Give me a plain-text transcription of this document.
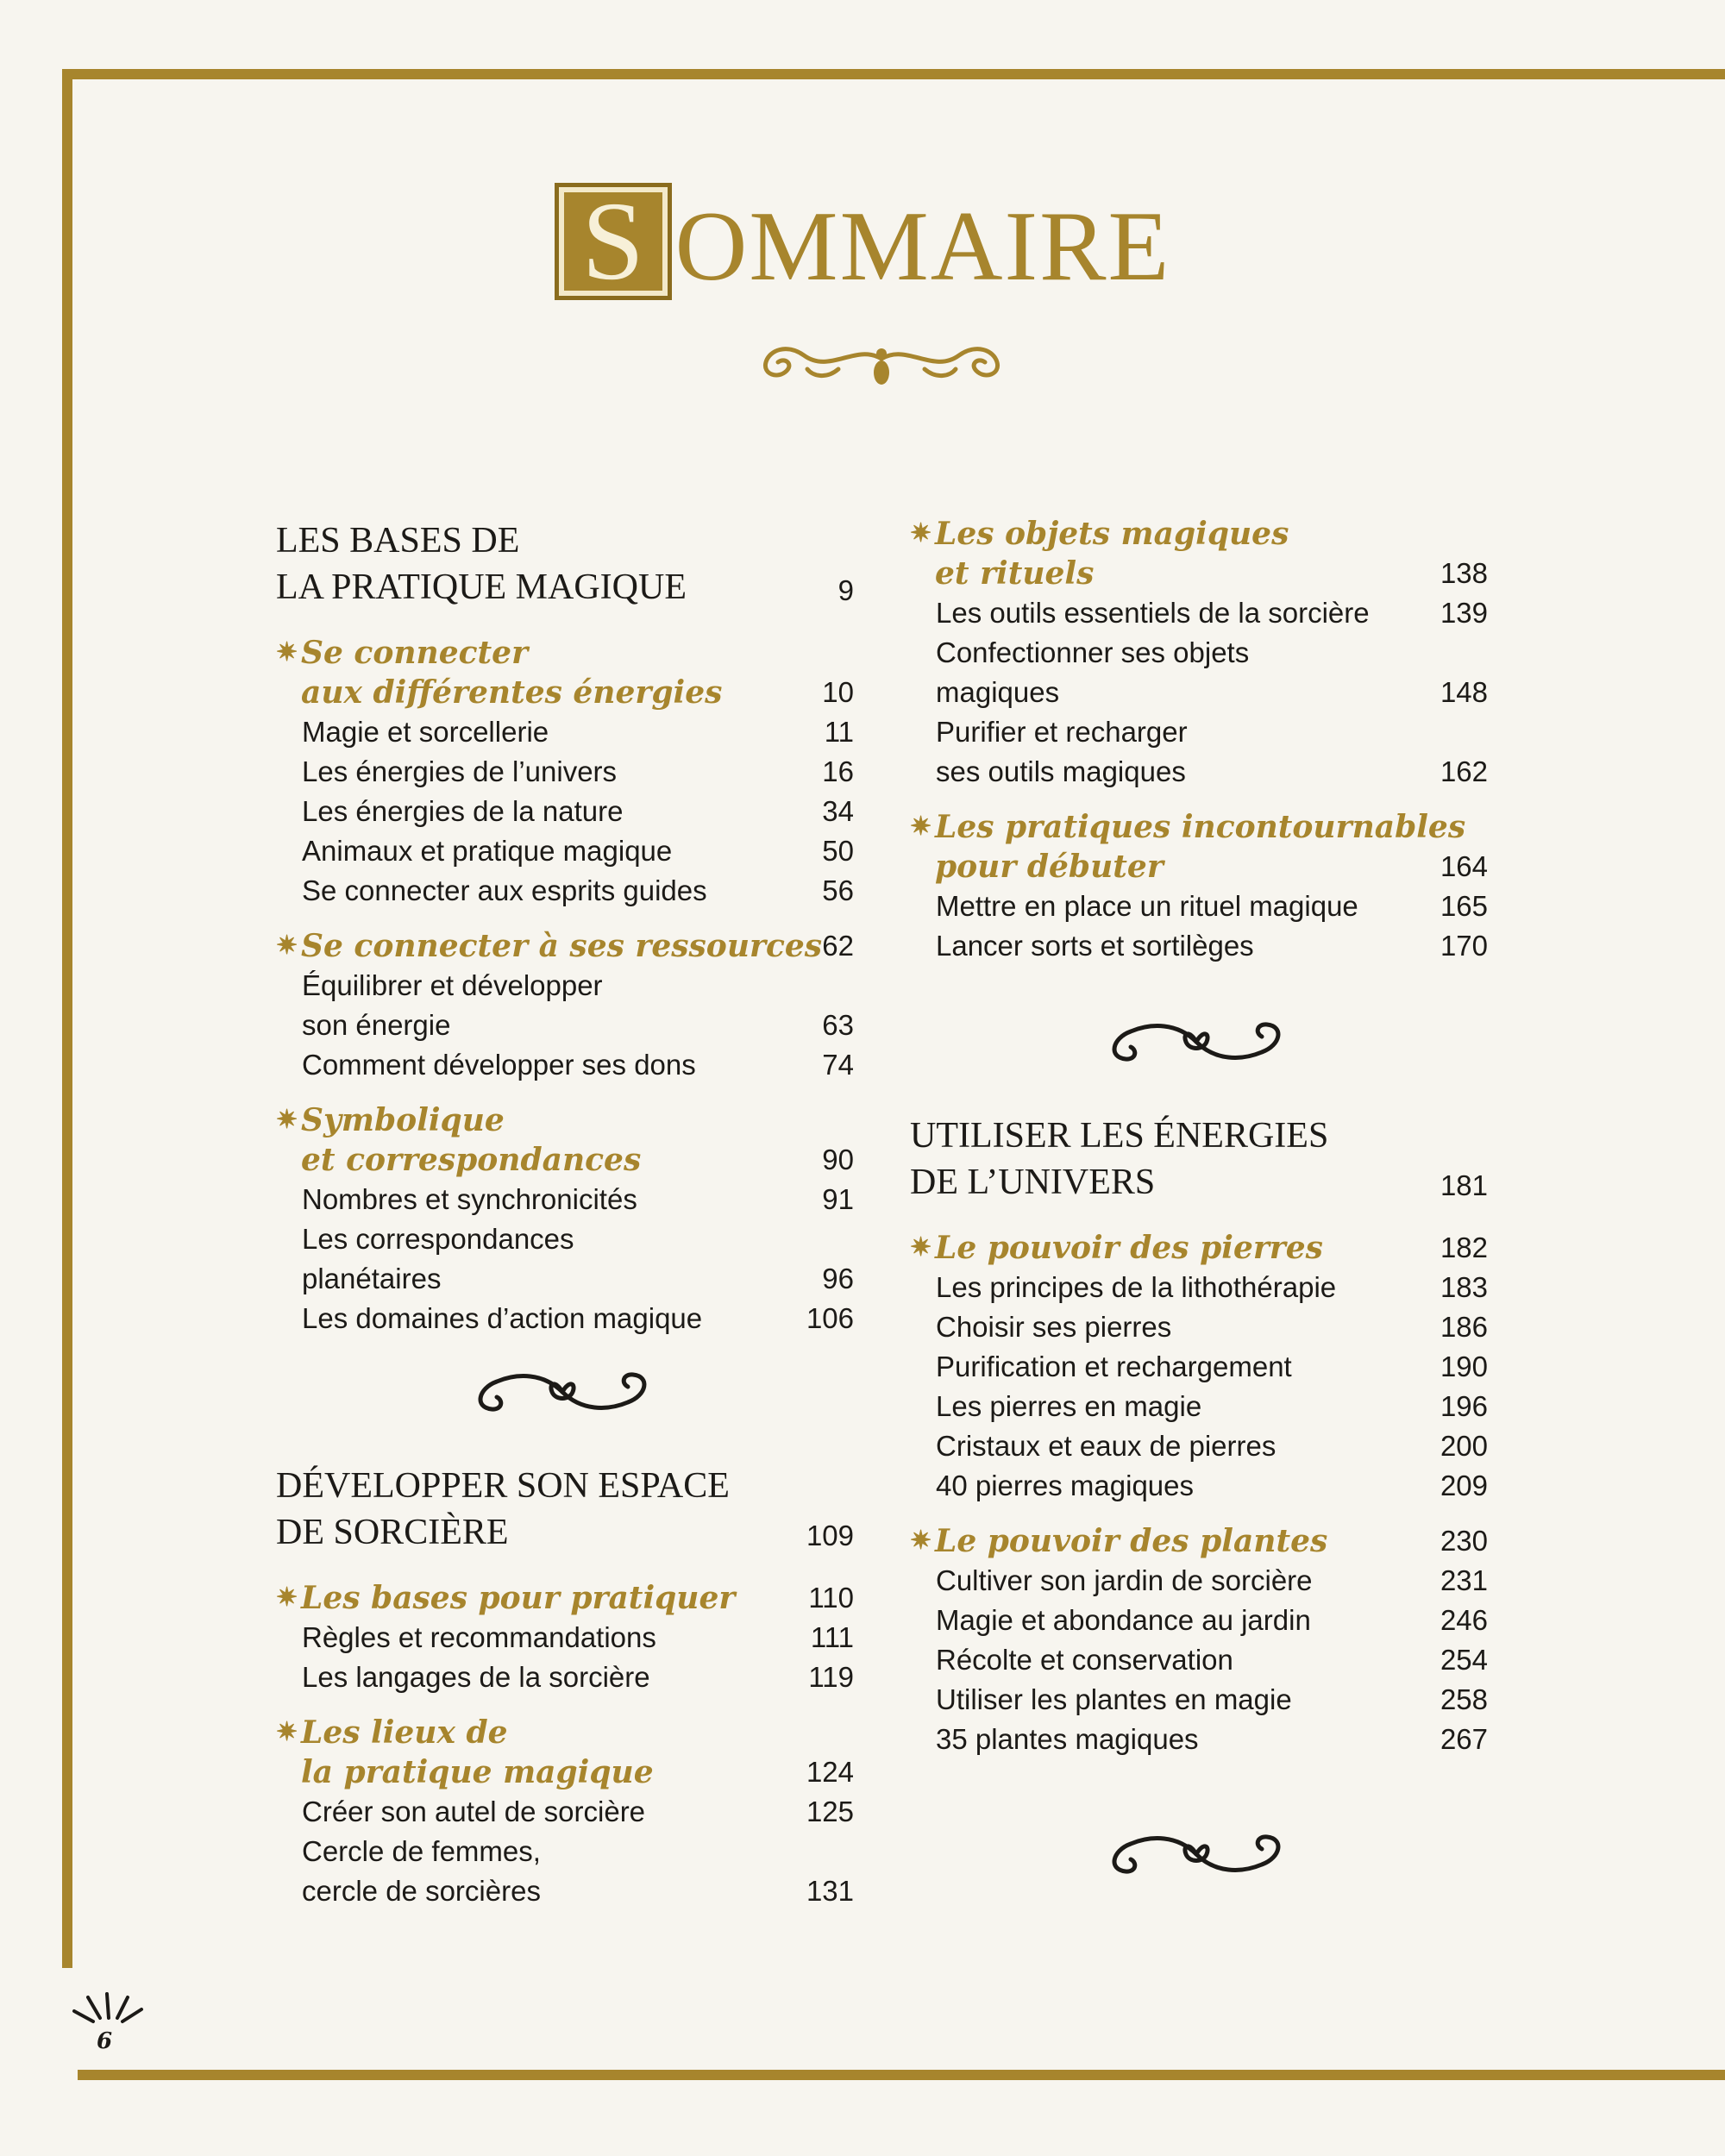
S OMMAIRE
LES BASES DE
LA PRATIQUE MAGIQUE	9
✷ Se connecter
aux différentes énergies	10
Magie et sorcellerie	11
Les énergies de l’univers	16
Les énergies de la nature	34
Animaux et pratique magique	50
Se connecter aux esprits guides	56
✷ Se connecter à ses ressources 62
Équilibrer et développer
son énergie	63
Comment développer ses dons	74
✷ Symbolique
et correspondances	90
Nombres et synchronicités	91
Les correspondances
planétaires	96
Les domaines d’action magique	106
DÉVELOPPER SON ESPACE
DE SORCIÈRE	109
✷ Les bases pour pratiquer	110
Règles et recommandations	111
Les langages de la sorcière	119
✷ Les lieux de
la pratique magique	124
Créer son autel de sorcière	125
Cercle de femmes,
cercle de sorcières	131
✷ Les objets magiques
et rituels	138
Les outils essentiels de la sorcière 139
Confectionner ses objets
magiques	148
Purifier et recharger
ses outils magiques	162
✷ Les pratiques incontournables
pour débuter	164
Mettre en place un rituel magique	165
Lancer sorts et sortilèges	170
UTILISER LES ÉNERGIES
DE L’UNIVERS	181
✷ Le pouvoir des pierres	182
Les principes de la lithothérapie	183
Choisir ses pierres	186
Purification et rechargement	190
Les pierres en magie	196
Cristaux et eaux de pierres	200
40 pierres magiques	209
✷ Le pouvoir des plantes	230
Cultiver son jardin de sorcière	231
Magie et abondance au jardin	246
Récolte et conservation	254
Utiliser les plantes en magie	258
35 plantes magiques	267
6
